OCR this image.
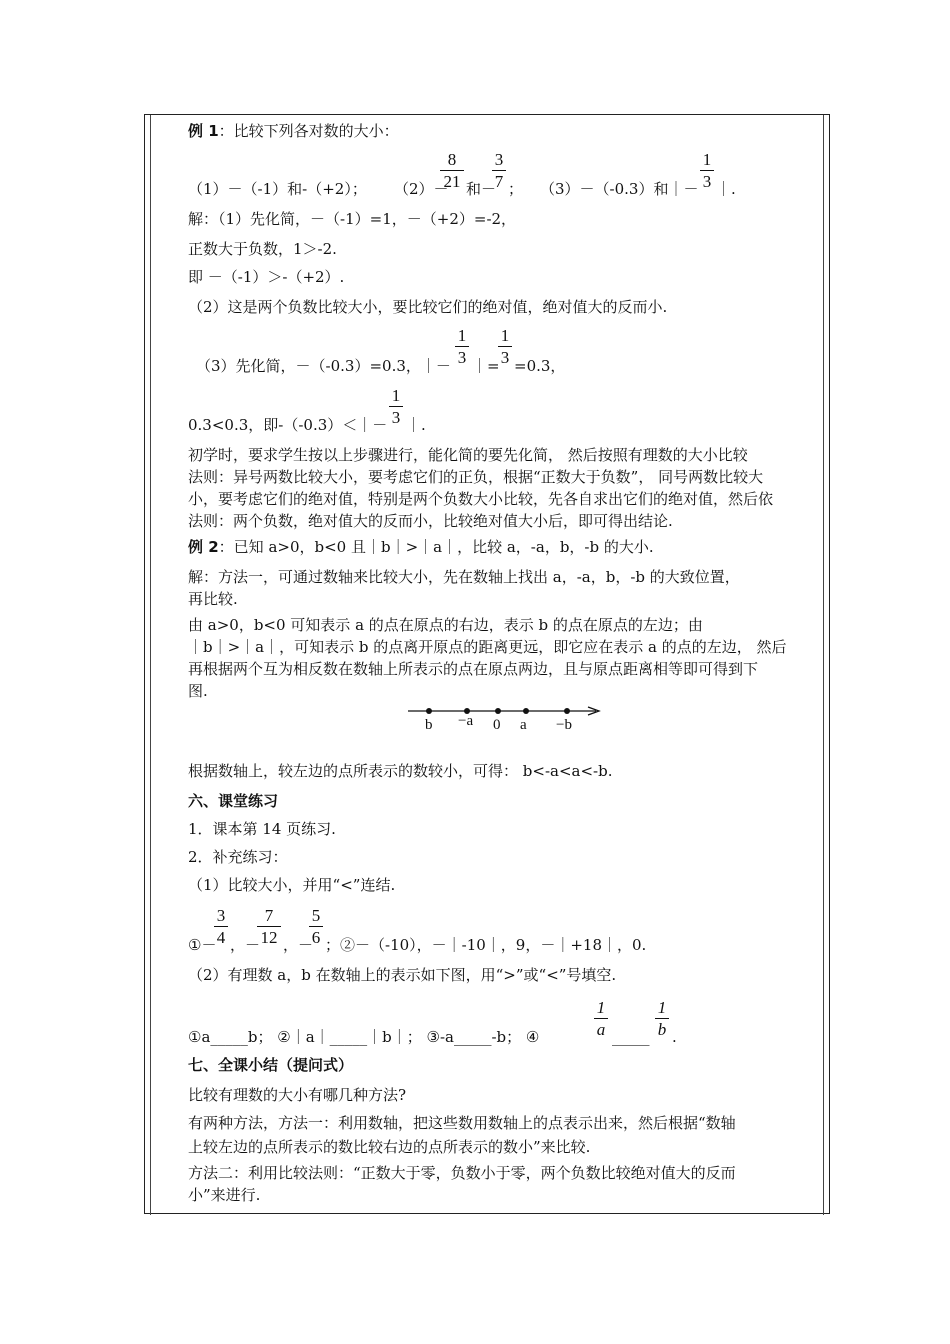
例 1：比较下列各对数的大小：
（1）－（-1）和-（+2）； （2）－
$\frac{8}{21}$ 和－
$\frac{3}{7}$ ； （3）－（-0.3）和｜－ $\frac{1}{3}$ ｜.
解：（1）先化简，－（-1）=1，－（+2）=-2，
正数大于负数，1＞-2.
即 －（-1）＞-（+2）.
（2）这是两个负数比较大小，要比较它们的绝对值，绝对值大的反而小.
（3）先化简，－（-0.3）=0.3，｜－ $\frac{1}{3}$ ｜=
$\frac{1}{3} =0.3$，
0.3<0.3，即-（-0.3）＜｜－ $\frac{1}{3}$ ｜.
初学时，要求学生按以上步骤进行，能化简的要先化简， 然后按照有理数的大小比较
法则：异号两数比较大小，要考虑它们的正负，根据“正数大于负数”， 同号两数比较大
小，要考虑它们的绝对值，特别是两个负数大小比较，先各自求出它们的绝对值，然后依
法则：两个负数，绝对值大的反而小，比较绝对值大小后，即可得出结论.
例 2：已知 a>0，b<0 且｜b｜>｜a｜，比较 a，-a，b，-b 的大小.
解：方法一，可通过数轴来比较大小，先在数轴上找出 a，-a，b，-b 的大致位置，
再比较.
由 a>0，b<0 可知表示 a 的点在原点的右边，表示 b 的点在原点的左边；由
｜b｜>｜a｜，可知表示 b 的点离开原点的距离更远，即它应在表示 a 的点的左边， 然后
再根据两个互为相反数在数轴上所表示的点在原点两边，且与原点距离相等即可得到下
图.
b −a 0 a −b
根据数轴上，较左边的点所表示的数较小，可得： b<-a<a<-b.
六、课堂练习
1．课本第 14 页练习.
2．补充练习：
（1）比较大小，并用“<”连结.
①－
$\frac{3}{4}$ ，－
$\frac{7}{12}$ ，－
$\frac{5}{6}$ ；②－（-10），－｜-10｜，9，－｜+18｜，0.
（2）有理数 a，b 在数轴上的表示如下图，用“>”或“<”号填空.
①a_____b； ②｜a｜_____｜b｜； ③-a_____-b； ④	$\frac{1}{a}$ _____ $\frac{1}{b}$ .
七、全课小结（提问式）
比较有理数的大小有哪几种方法?
有两种方法，方法一：利用数轴，把这些数用数轴上的点表示出来，然后根据“数轴
上较左边的点所表示的数比较右边的点所表示的数小”来比较.
方法二：利用比较法则：“正数大于零，负数小于零，两个负数比较绝对值大的反而
小”来进行.
